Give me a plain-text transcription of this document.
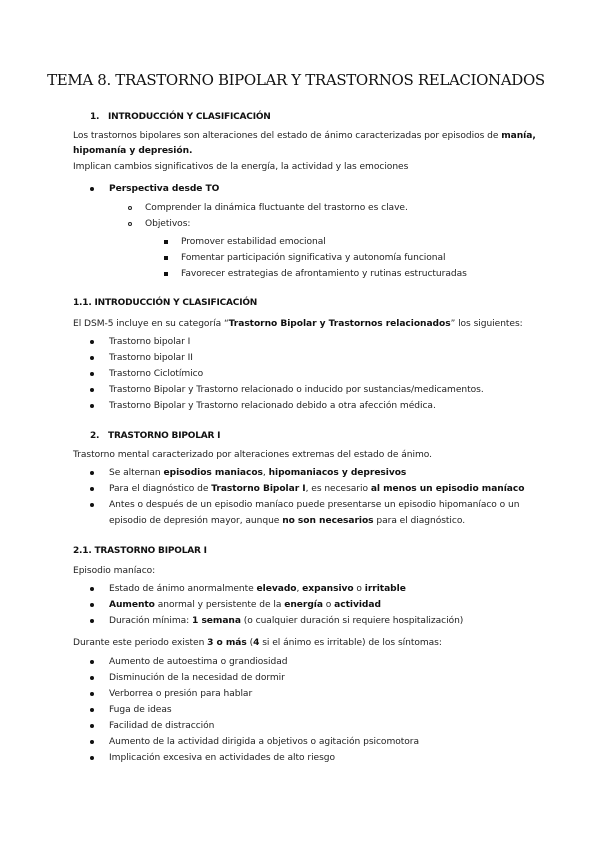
TEMA 8. TRASTORNO BIPOLAR Y TRASTORNOS RELACIONADOS
1. INTRODUCCIÓN Y CLASIFICACIÓN
Los trastornos bipolares son alteraciones del estado de ánimo caracterizadas por episodios de manía,
hipomanía y depresión.
Implican cambios significativos de la energía, la actividad y las emociones
Perspectiva desde TO
Comprender la dinámica fluctuante del trastorno es clave.
Objetivos:
Promover estabilidad emocional
Fomentar participación significativa y autonomía funcional
Favorecer estrategias de afrontamiento y rutinas estructuradas
1.1. INTRODUCCIÓN Y CLASIFICACIÓN
El DSM-5 incluye en su categoría “Trastorno Bipolar y Trastornos relacionados” los siguientes:
Trastorno bipolar I
Trastorno bipolar II
Trastorno Ciclotímico
Trastorno Bipolar y Trastorno relacionado o inducido por sustancias/medicamentos.
Trastorno Bipolar y Trastorno relacionado debido a otra afección médica.
2. TRASTORNO BIPOLAR I
Trastorno mental caracterizado por alteraciones extremas del estado de ánimo.
Se alternan episodios maniacos, hipomaniacos y depresivos
Para el diagnóstico de Trastorno Bipolar I, es necesario al menos un episodio maníaco
Antes o después de un episodio maníaco puede presentarse un episodio hipomaníaco o un
episodio de depresión mayor, aunque no son necesarios para el diagnóstico.
2.1. TRASTORNO BIPOLAR I
Episodio maníaco:
Estado de ánimo anormalmente elevado, expansivo o irritable
Aumento anormal y persistente de la energía o actividad
Duración mínima: 1 semana (o cualquier duración si requiere hospitalización)
Durante este periodo existen 3 o más (4 si el ánimo es irritable) de los síntomas:
Aumento de autoestima o grandiosidad
Disminución de la necesidad de dormir
Verborrea o presión para hablar
Fuga de ideas
Facilidad de distracción
Aumento de la actividad dirigida a objetivos o agitación psicomotora
Implicación excesiva en actividades de alto riesgo
